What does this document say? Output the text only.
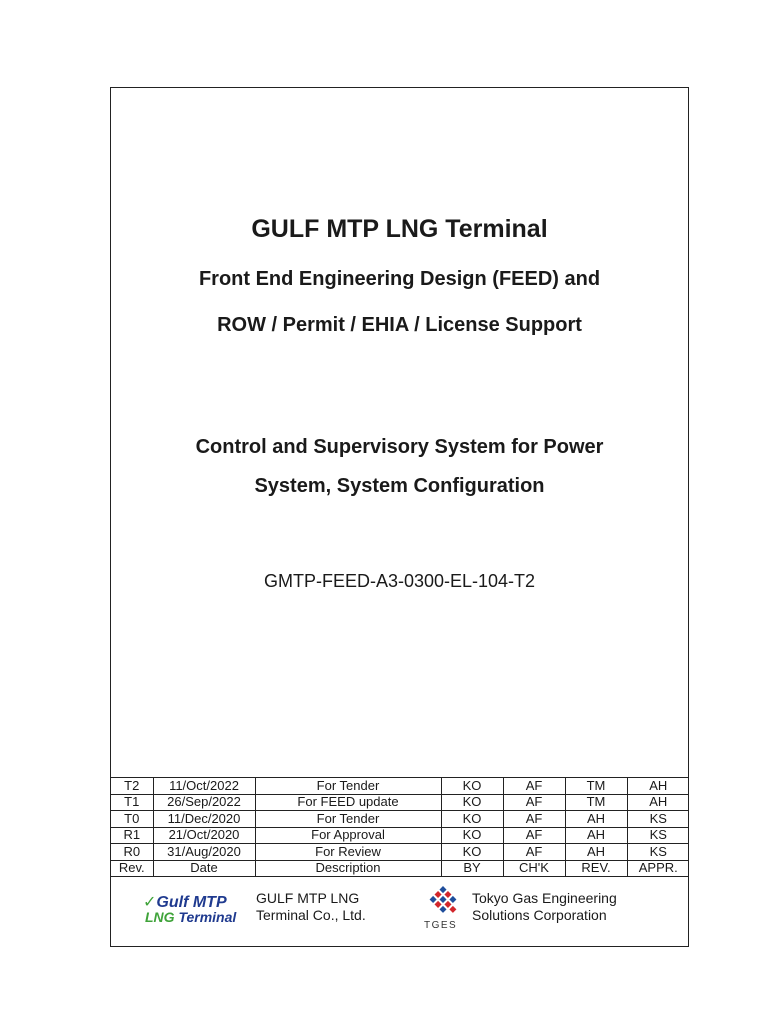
GULF MTP LNG Terminal
Front End Engineering Design (FEED) and
ROW / Permit / EHIA / License Support
Control and Supervisory System for Power
System, System Configuration
GMTP-FEED-A3-0300-EL-104-T2
T2	11/Oct/2022	For Tender	KO	AF	TM	AH
T1	26/Sep/2022	For FEED update	KO	AF	TM	AH
T0	11/Dec/2020	For Tender	KO	AF	AH	KS
R1	21/Oct/2020	For Approval	KO	AF	AH	KS
R0	31/Aug/2020	For Review	KO	AF	AH	KS
Rev.	Date	Description	BY	CH'K	REV.	APPR.
✓Gulf MTP
LNG Terminal
GULF MTP LNG
Terminal Co., Ltd.
TGES
Tokyo Gas Engineering
Solutions Corporation
